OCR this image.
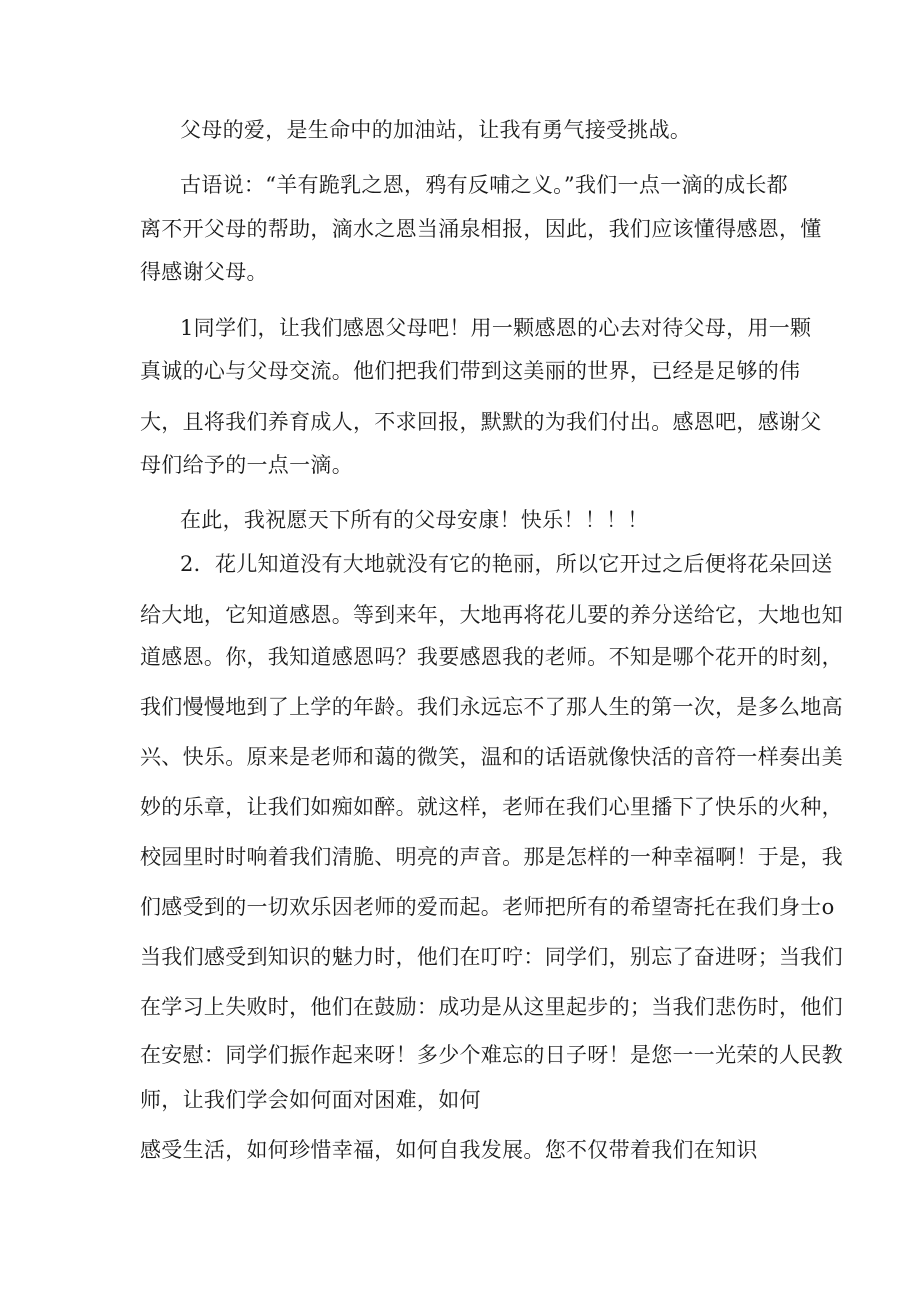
父母的爱，是生命中的加油站，让我有勇气接受挑战。
古语说：“羊有跪乳之恩，鸦有反哺之义。”我们一点一滴的成长都
离不开父母的帮助，滴水之恩当涌泉相报，因此，我们应该懂得感恩，懂
得感谢父母。
1同学们，让我们感恩父母吧！用一颗感恩的心去对待父母，用一颗
真诚的心与父母交流。他们把我们带到这美丽的世界，已经是足够的伟
大，且将我们养育成人，不求回报，默默的为我们付出。感恩吧，感谢父
母们给予的一点一滴。
在此，我祝愿天下所有的父母安康！快乐！！！！
2．花儿知道没有大地就没有它的艳丽，所以它开过之后便将花朵回送
给大地，它知道感恩。等到来年，大地再将花儿要的养分送给它，大地也知
道感恩。你，我知道感恩吗？我要感恩我的老师。不知是哪个花开的时刻，
我们慢慢地到了上学的年龄。我们永远忘不了那人生的第一次，是多么地高
兴、快乐。原来是老师和蔼的微笑，温和的话语就像快活的音符一样奏出美
妙的乐章，让我们如痴如醉。就这样，老师在我们心里播下了快乐的火种，
校园里时时响着我们清脆、明亮的声音。那是怎样的一种幸福啊！于是，我
们感受到的一切欢乐因老师的爱而起。老师把所有的希望寄托在我们身士o
当我们感受到知识的魅力时，他们在叮咛：同学们，别忘了奋进呀；当我们
在学习上失败时，他们在鼓励：成功是从这里起步的；当我们悲伤时，他们
在安慰：同学们振作起来呀！多少个难忘的日子呀！是您一一光荣的人民教
师，让我们学会如何面对困难，如何
感受生活，如何珍惜幸福，如何自我发展。您不仅带着我们在知识
